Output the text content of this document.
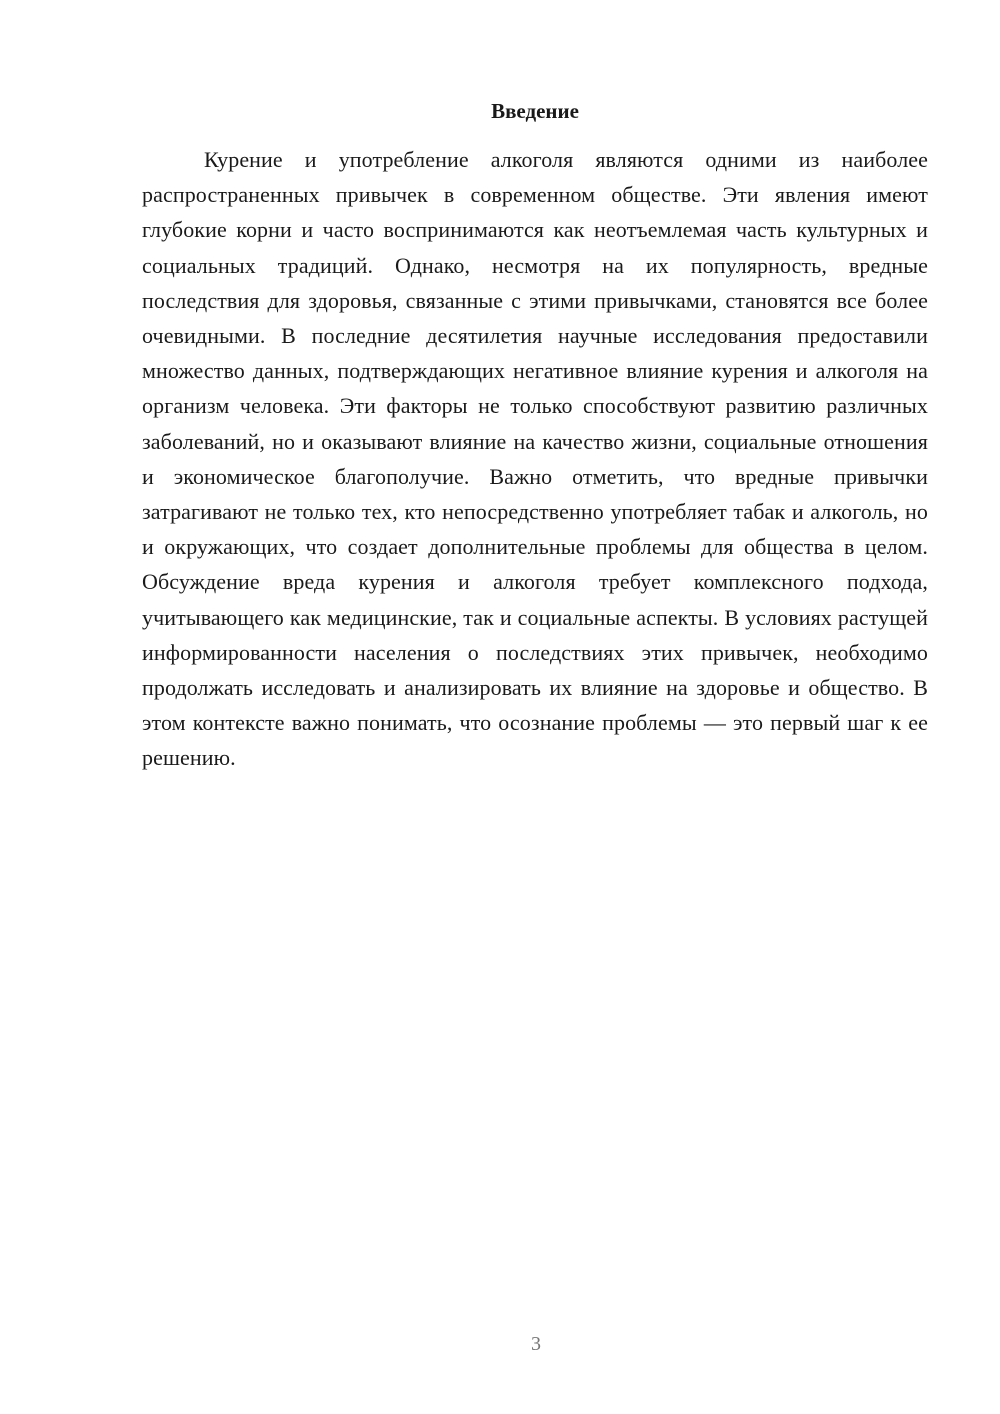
Введение

Курение и употребление алкоголя являются одними из наиболее распространенных привычек в современном обществе. Эти явления имеют глубокие корни и часто воспринимаются как неотъемлемая часть культурных и социальных традиций. Однако, несмотря на их популярность, вредные последствия для здоровья, связанные с этими привычками, становятся все более очевидными. В последние десятилетия научные исследования предоставили множество данных, подтверждающих негативное влияние курения и алкоголя на организм человека. Эти факторы не только способствуют развитию различных заболеваний, но и оказывают влияние на качество жизни, социальные отношения и экономическое благополучие. Важно отметить, что вредные привычки затрагивают не только тех, кто непосредственно употребляет табак и алкоголь, но и окружающих, что создает дополнительные проблемы для общества в целом. Обсуждение вреда курения и алкоголя требует комплексного подхода, учитывающего как медицинские, так и социальные аспекты. В условиях растущей информированности населения о последствиях этих привычек, необходимо продолжать исследовать и анализировать их влияние на здоровье и общество. В этом контексте важно понимать, что осознание проблемы — это первый шаг к ее решению.

3
